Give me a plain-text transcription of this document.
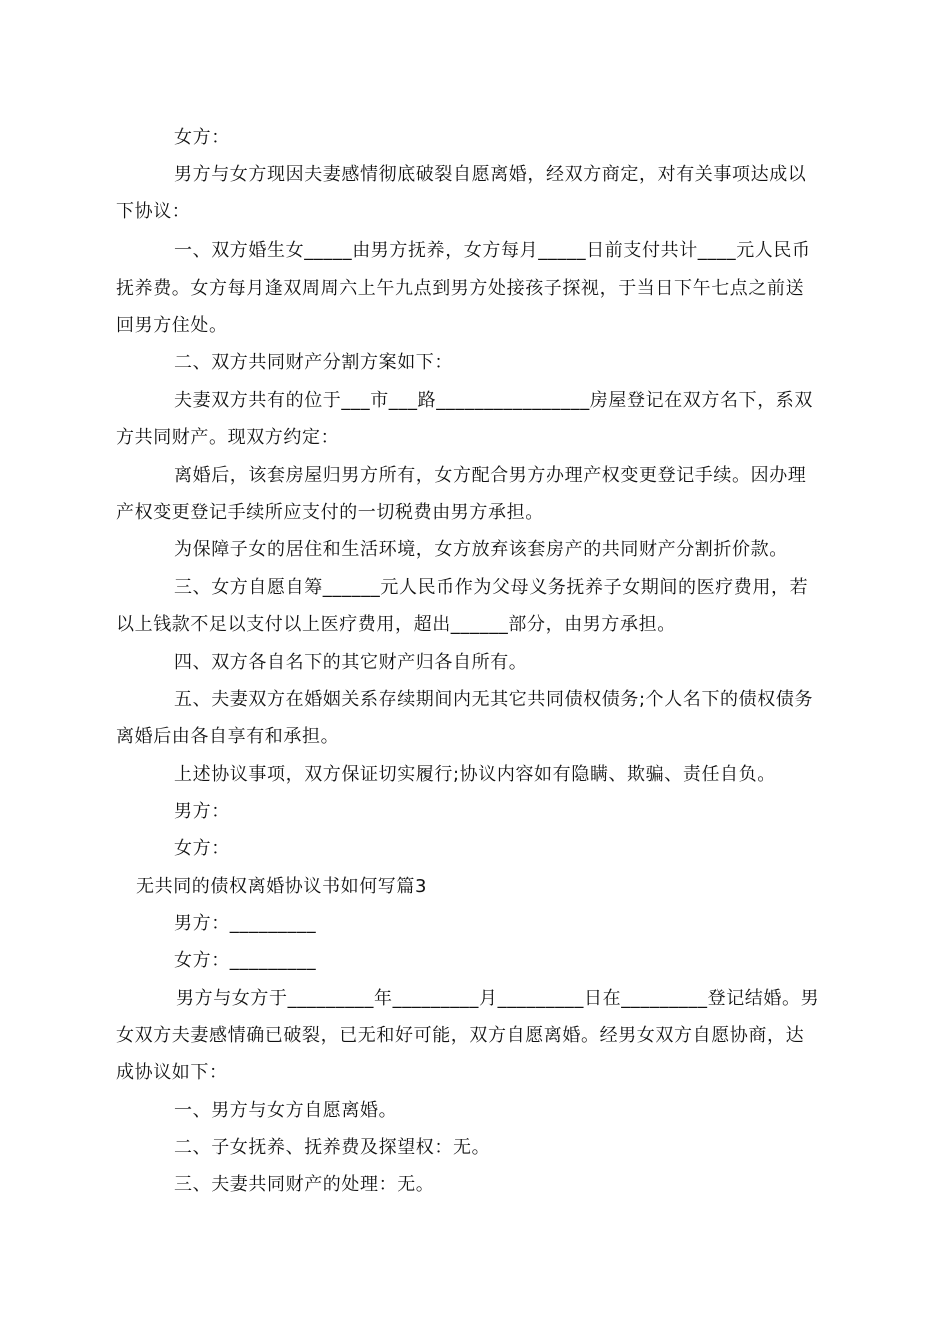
女方：

男方与女方现因夫妻感情彻底破裂自愿离婚，经双方商定，对有关事项达成以

下协议：

一、双方婚生女_____由男方抚养，女方每月_____日前支付共计____元人民币

抚养费。女方每月逢双周周六上午九点到男方处接孩子探视，于当日下午七点之前送

回男方住处。

二、双方共同财产分割方案如下：

夫妻双方共有的位于___市___路________________房屋登记在双方名下，系双

方共同财产。现双方约定：

离婚后，该套房屋归男方所有，女方配合男方办理产权变更登记手续。因办理

产权变更登记手续所应支付的一切税费由男方承担。

为保障子女的居住和生活环境，女方放弃该套房产的共同财产分割折价款。

三、女方自愿自筹______元人民币作为父母义务抚养子女期间的医疗费用，若

以上钱款不足以支付以上医疗费用，超出______部分，由男方承担。

四、双方各自名下的其它财产归各自所有。

五、夫妻双方在婚姻关系存续期间内无其它共同债权债务;个人名下的债权债务

离婚后由各自享有和承担。

上述协议事项，双方保证切实履行;协议内容如有隐瞒、欺骗、责任自负。

男方：

女方：

无共同的债权离婚协议书如何写篇3

男方：_________

女方：_________

男方与女方于_________年_________月_________日在_________登记结婚。男

女双方夫妻感情确已破裂，已无和好可能，双方自愿离婚。经男女双方自愿协商，达

成协议如下：

一、男方与女方自愿离婚。

二、子女抚养、抚养费及探望权：无。

三、夫妻共同财产的处理：无。
